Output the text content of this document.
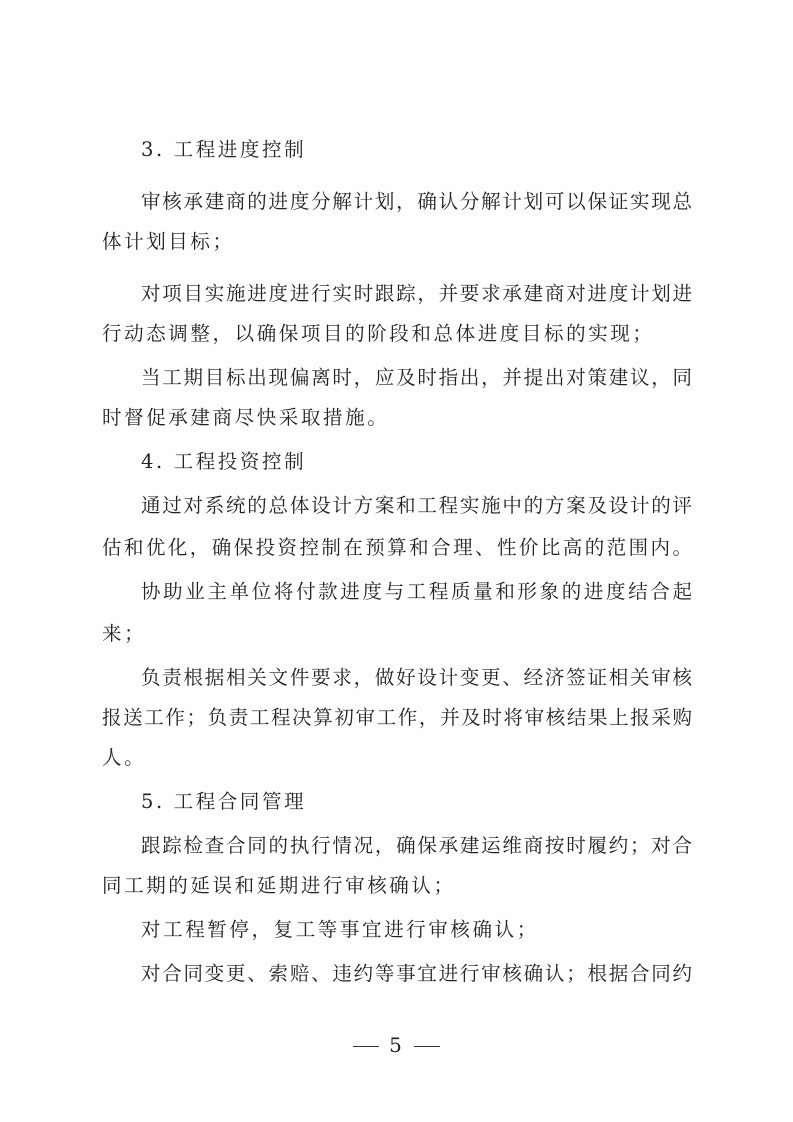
3. 工程进度控制
审核承建商的进度分解计划，确认分解计划可以保证实现总
体计划目标；
对项目实施进度进行实时跟踪，并要求承建商对进度计划进
行动态调整，以确保项目的阶段和总体进度目标的实现；
当工期目标出现偏离时，应及时指出，并提出对策建议，同
时督促承建商尽快采取措施。
4. 工程投资控制
通过对系统的总体设计方案和工程实施中的方案及设计的评
估和优化，确保投资控制在预算和合理、性价比高的范围内。
协助业主单位将付款进度与工程质量和形象的进度结合起
来；
负责根据相关文件要求，做好设计变更、经济签证相关审核
报送工作；负责工程决算初审工作，并及时将审核结果上报采购
人。
5. 工程合同管理
跟踪检查合同的执行情况，确保承建运维商按时履约；对合
同工期的延误和延期进行审核确认；
对工程暂停，复工等事宜进行审核确认；
对合同变更、索赔、违约等事宜进行审核确认；根据合同约
5
